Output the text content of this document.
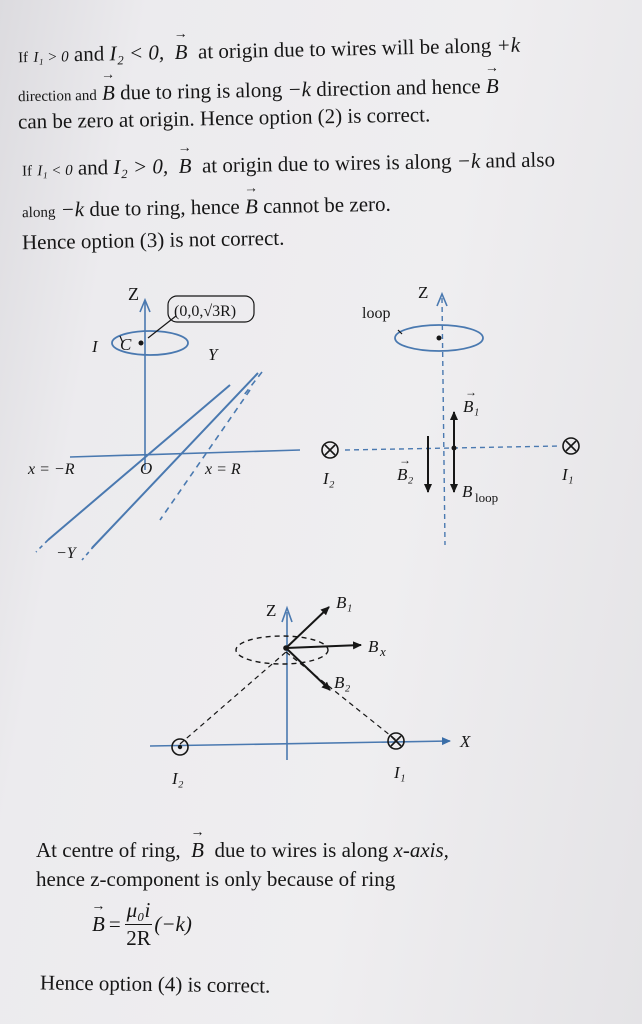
If I₁ > 0 and I₂ < 0, → B at origin due to wires will be along +k
direction and → B due to ring is along −k direction and hence → B
can be zero at origin. Hence option (2) is correct.
If I₁ < 0 and I₂ > 0, → B at origin due to wires is along −k and also
along −k due to ring, hence → B cannot be zero.
Hence option (3) is not correct.
Z
(0,0,√3R)
I C
Y
x = −R	O	x = R
−Y
Z
loop
B₁
→
B₂
→
B loop
I₂	I₁
Z	B₁
B x
B₂
X
I₂	I₁
At centre of ring, → B due to wires is along x-axis,
hence z-component is only because of ring
→ $B = \frac{\text{μ₀i}}{2R} (-k)$
Hence option (4) is correct.
